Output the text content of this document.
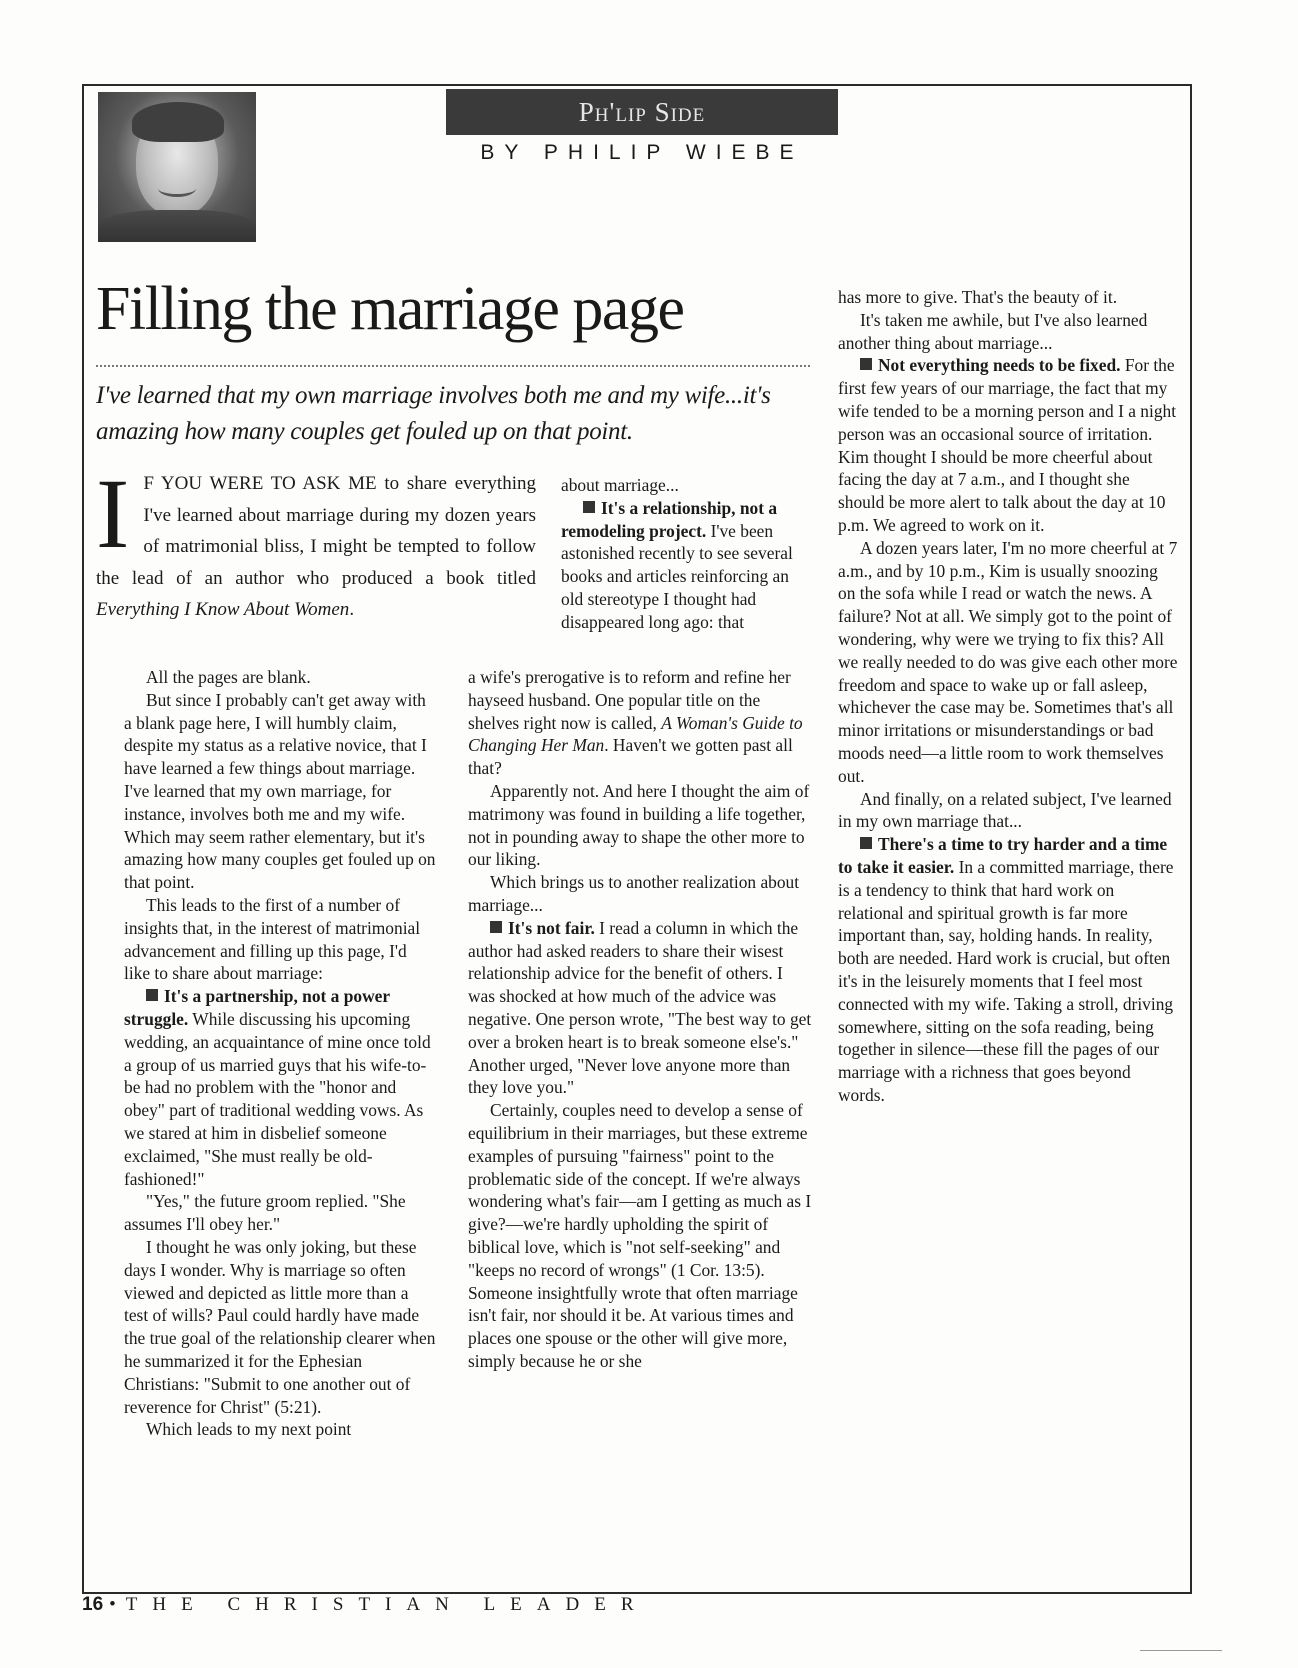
Ph'lip Side
BY PHILIP WIEBE
Filling the marriage page

I've learned that my own marriage involves both me and my wife...it's amazing how many couples get fouled up on that point.

I F YOU WERE TO ASK ME to share everything I've learned about marriage during my dozen years of matrimonial bliss, I might be tempted to follow the lead of an author who produced a book titled Everything I Know About Women.

All the pages are blank.

But since I probably can't get away with a blank page here, I will humbly claim, despite my status as a relative novice, that I have learned a few things about marriage. I've learned that my own marriage, for instance, involves both me and my wife. Which may seem rather elementary, but it's amazing how many couples get fouled up on that point.

This leads to the first of a number of insights that, in the interest of matrimonial advancement and filling up this page, I'd like to share about marriage:

It's a partnership, not a power struggle. While discussing his upcoming wedding, an acquaintance of mine once told a group of us married guys that his wife-to-be had no problem with the "honor and obey" part of traditional wedding vows. As we stared at him in disbelief someone exclaimed, "She must really be old-fashioned!"

"Yes," the future groom replied. "She assumes I'll obey her."

I thought he was only joking, but these days I wonder. Why is marriage so often viewed and depicted as little more than a test of wills? Paul could hardly have made the true goal of the relationship clearer when he summarized it for the Ephesian Christians: "Submit to one another out of reverence for Christ" (5:21).

Which leads to my next point

about marriage...

It's a relationship, not a remodeling project. I've been astonished recently to see several books and articles reinforcing an old stereotype I thought had disappeared long ago: that

a wife's prerogative is to reform and refine her hayseed husband. One popular title on the shelves right now is called, A Woman's Guide to Changing Her Man. Haven't we gotten past all that?

Apparently not. And here I thought the aim of matrimony was found in building a life together, not in pounding away to shape the other more to our liking.

Which brings us to another realization about marriage...

It's not fair. I read a column in which the author had asked readers to share their wisest relationship advice for the benefit of others. I was shocked at how much of the advice was negative. One person wrote, "The best way to get over a broken heart is to break someone else's." Another urged, "Never love anyone more than they love you."

Certainly, couples need to develop a sense of equilibrium in their marriages, but these extreme examples of pursuing "fairness" point to the problematic side of the concept. If we're always wondering what's fair—am I getting as much as I give?—we're hardly upholding the spirit of biblical love, which is "not self-seeking" and "keeps no record of wrongs" (1 Cor. 13:5). Someone insightfully wrote that often marriage isn't fair, nor should it be. At various times and places one spouse or the other will give more, simply because he or she

has more to give. That's the beauty of it.

It's taken me awhile, but I've also learned another thing about marriage...

Not everything needs to be fixed. For the first few years of our marriage, the fact that my wife tended to be a morning person and I a night person was an occasional source of irritation. Kim thought I should be more cheerful about facing the day at 7 a.m., and I thought she should be more alert to talk about the day at 10 p.m. We agreed to work on it.

A dozen years later, I'm no more cheerful at 7 a.m., and by 10 p.m., Kim is usually snoozing on the sofa while I read or watch the news. A failure? Not at all. We simply got to the point of wondering, why were we trying to fix this? All we really needed to do was give each other more freedom and space to wake up or fall asleep, whichever the case may be. Sometimes that's all minor irritations or misunderstandings or bad moods need—a little room to work themselves out.

And finally, on a related subject, I've learned in my own marriage that...

There's a time to try harder and a time to take it easier. In a committed marriage, there is a tendency to think that hard work on relational and spiritual growth is far more important than, say, holding hands. In reality, both are needed. Hard work is crucial, but often it's in the leisurely moments that I feel most connected with my wife. Taking a stroll, driving somewhere, sitting on the sofa reading, being together in silence—these fill the pages of our marriage with a richness that goes beyond words.

16 • THE CHRISTIAN LEADER
